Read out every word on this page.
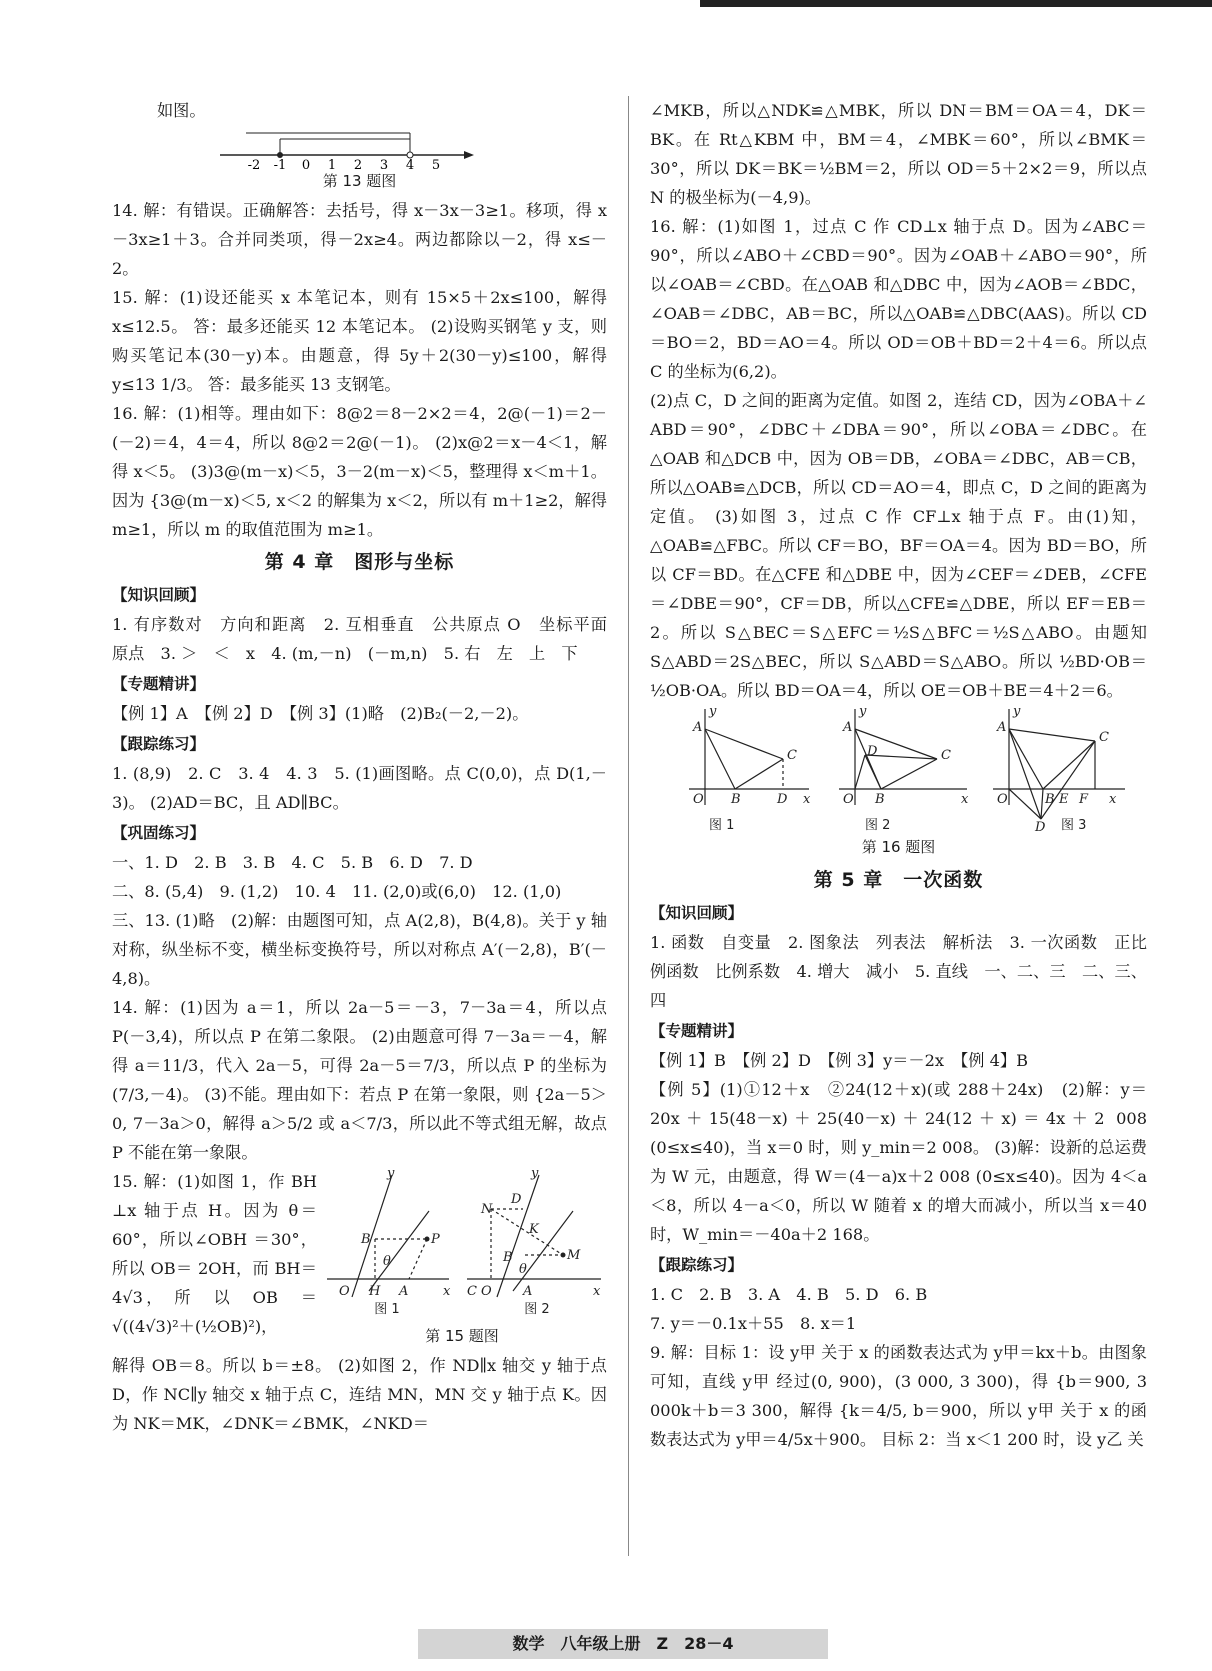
如图。

-2 -1 0 1 2 3 4 5
第 13 题图

14. 解：有错误。正确解答：去括号，得 x－3x－3≥1。移项，得 x－3x≥1＋3。合并同类项，得－2x≥4。两边都除以－2，得 x≤－2。

15. 解：(1)设还能买 x 本笔记本，则有 15×5＋2x≤100，解得 x≤12.5。 答：最多还能买 12 本笔记本。 (2)设购买钢笔 y 支，则购买笔记本(30－y)本。由题意，得 5y＋2(30－y)≤100，解得 y≤13 1/3。 答：最多能买 13 支钢笔。

16. 解：(1)相等。理由如下：8@2＝8－2×2＝4，2@(－1)＝2－(－2)＝4，4＝4，所以 8@2＝2@(－1)。 (2)x@2＝x－4＜1，解得 x＜5。 (3)3@(m－x)＜5，3－2(m－x)＜5，整理得 x＜m＋1。因为 {3@(m－x)＜5, x＜2 的解集为 x＜2，所以有 m＋1≥2，解得 m≥1，所以 m 的取值范围为 m≥1。

第 4 章　图形与坐标
【知识回顾】

1. 有序数对　方向和距离　2. 互相垂直　公共原点 O　坐标平面　原点　3. ＞　＜　x　4. (m,－n)　(－m,n)　5. 右　左　上　下

【专题精讲】

【例 1】A　【例 2】D　【例 3】(1)略　(2)B₂(－2,－2)。

【跟踪练习】

1. (8,9)　2. C　3. 4　4. 3　5. (1)画图略。点 C(0,0)，点 D(1,－3)。 (2)AD＝BC，且 AD∥BC。

【巩固练习】

一、1. D　2. B　3. B　4. C　5. B　6. D　7. D

二、8. (5,4)　9. (1,2)　10. 4　11. (2,0)或(6,0)　12. (1,0)

三、13. (1)略　(2)解：由题图可知，点 A(2,8)，B(4,8)。关于 y 轴对称，纵坐标不变，横坐标变换符号，所以对称点 A′(－2,8)，B′(－4,8)。

14. 解：(1)因为 a＝1，所以 2a－5＝－3，7－3a＝4，所以点 P(－3,4)，所以点 P 在第二象限。 (2)由题意可得 7－3a＝－4，解得 a＝11/3，代入 2a－5，可得 2a－5＝7/3，所以点 P 的坐标为(7/3,－4)。 (3)不能。理由如下：若点 P 在第一象限，则 {2a－5＞0, 7－3a＞0，解得 a＞5/2 或 a＜7/3，所以此不等式组无解，故点 P 不能在第一象限。

15. 解：(1)如图 1，作 BH ⊥x 轴于点 H。因为 θ＝60°，所以∠OBH ＝30°，所以 OB＝ 2OH，而 BH＝4√3， 所　以　OB　＝ √((4√3)²＋(½OB)²)，

y
B	P
θ
O H A	x
y
N
D
K
M
B
θ
C O A	x
图 1	图 2
第 15 题图

解得 OB＝8。所以 b＝±8。 (2)如图 2，作 ND∥x 轴交 y 轴于点 D，作 NC∥y 轴交 x 轴于点 C，连结 MN，MN 交 y 轴于点 K。因为 NK＝MK，∠DNK＝∠BMK，∠NKD＝

∠MKB，所以△NDK≌△MBK，所以 DN＝BM＝OA＝4，DK＝BK。在 Rt△KBM 中，BM＝4，∠MBK＝60°，所以∠BMK＝30°，所以 DK＝BK＝½BM＝2，所以 OD＝5＋2×2＝9，所以点 N 的极坐标为(－4,9)。

16. 解：(1)如图 1，过点 C 作 CD⊥x 轴于点 D。因为∠ABC＝90°，所以∠ABO＋∠CBD＝90°。因为∠OAB＋∠ABO＝90°，所以∠OAB＝∠CBD。在△OAB 和△DBC 中，因为∠AOB＝∠BDC，∠OAB＝∠DBC，AB＝BC，所以△OAB≌△DBC(AAS)。所以 CD＝BO＝2，BD＝AO＝4。所以 OD＝OB＋BD＝2＋4＝6。所以点 C 的坐标为(6,2)。

(2)点 C，D 之间的距离为定值。如图 2，连结 CD，因为∠OBA＋∠ ABD＝90°，∠DBC＋∠DBA＝90°，所以∠OBA＝∠DBC。在△OAB 和△DCB 中，因为 OB＝DB，∠OBA＝∠DBC，AB＝CB，所以△OAB≌△DCB，所以 CD＝AO＝4，即点 C，D 之间的距离为定值。 (3)如图 3，过点 C 作 CF⊥x 轴于点 F。由(1)知，△OAB≌△FBC。所以 CF＝BO，BF＝OA＝4。因为 BD＝BO，所以 CF＝BD。在△CFE 和△DBE 中，因为∠CEF＝∠DEB，∠CFE＝∠DBE＝90°，CF＝DB，所以△CFE≌△DBE，所以 EF＝EB＝2。所以 S△BEC＝S△EFC＝½S△BFC＝½S△ABO。由题知 S△ABD＝2S△BEC，所以 S△ABD＝S△ABO。所以 ½BD·OB＝½OB·OA。所以 BD＝OA＝4，所以 OE＝OB＋BE＝4＋2＝6。

y
A
C
O B	D x
y
A
C
D
O B	x
y
A
C
O	B E F x
D
图 1	图 2	图 3
第 16 题图
第 5 章　一次函数
【知识回顾】

1. 函数　自变量　2. 图象法　列表法　解析法　3. 一次函数　正比例函数　比例系数　4. 增大　减小　5. 直线　一、二、三　二、三、四

【专题精讲】

【例 1】B　【例 2】D　【例 3】y＝－2x　【例 4】B

【例 5】(1)①12＋x　②24(12＋x)(或 288＋24x)　(2)解：y＝20x＋15(48－x)＋25(40－x)＋24(12＋x)＝4x＋2 008 (0≤x≤40)，当 x＝0 时，则 y_min＝2 008。 (3)解：设新的总运费为 W 元，由题意，得 W＝(4－a)x＋2 008 (0≤x≤40)。因为 4＜a＜8，所以 4－a＜0，所以 W 随着 x 的增大而减小，所以当 x＝40 时，W_min＝－40a＋2 168。

【跟踪练习】

1. C　2. B　3. A　4. B　5. D　6. B

7. y＝－0.1x＋55　8. x＝1

9. 解：目标 1：设 y甲 关于 x 的函数表达式为 y甲＝kx＋b。由图象可知，直线 y甲 经过(0, 900)，(3 000, 3 300)，得 {b＝900, 3 000k＋b＝3 300，解得 {k＝4/5, b＝900，所以 y甲 关于 x 的函数表达式为 y甲＝4/5x＋900。 目标 2：当 x＜1 200 时，设 y乙 关

数学　八年级上册　Z　28－4
